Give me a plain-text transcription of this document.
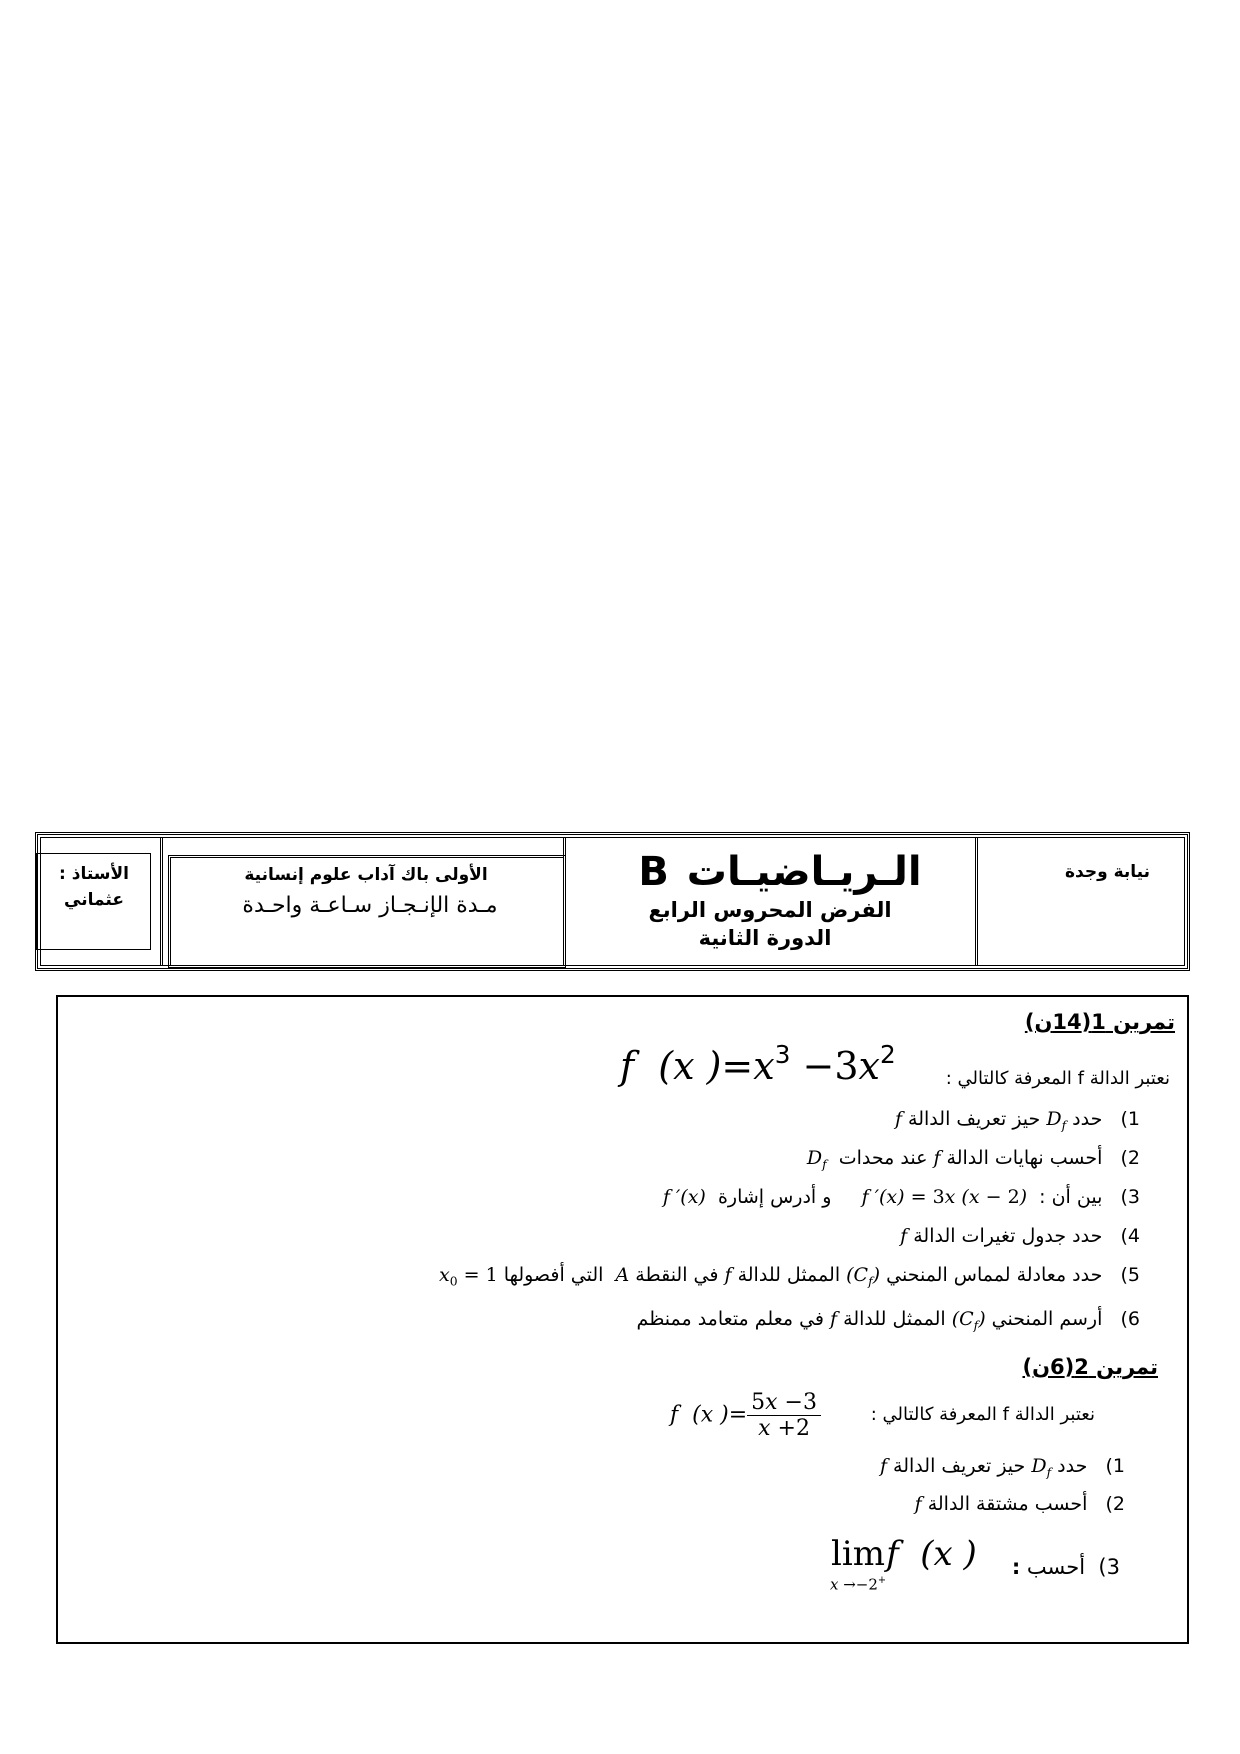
نيابة وجدة
الـريـاضيـات B
الفرض المحروس الرابع
الدورة الثانية
الأولى باك آداب علوم إنسانية
مـدة الإنـجـاز سـاعـة واحـدة
الأستاذ :
عثماني
تمرين 1(14ن)
نعتبر الدالة f المعرفة كالتالي :
f  (x )$=x^3 -3x^2$
1)   حدد $D_f$ حيز تعريف الدالة f
2)   أحسب نهايات الدالة f عند محدات  $D_f$
3)   بين أن :  f ′(x) = 3x (x − 2)     و أدرس إشارة  f ′(x)
4)   حدد جدول تغيرات الدالة f
5)   حدد معادلة لمماس المنحني $(C_f)$ الممثل للدالة f في النقطة A  التي أفصولها $x_0 = 1$
6)   أرسم المنحني $(C_f)$ الممثل للدالة f في معلم متعامد ممنظم
تمرين 2(6ن)
نعتبر الدالة f المعرفة كالتالي :
f  (x )= $\frac{5x -3}{x +2}$
1)   حدد $D_f$ حيز تعريف الدالة f
2)   أحسب مشتقة الدالة f
3)  أحسب :
lim
x →−2+
f  (x )
